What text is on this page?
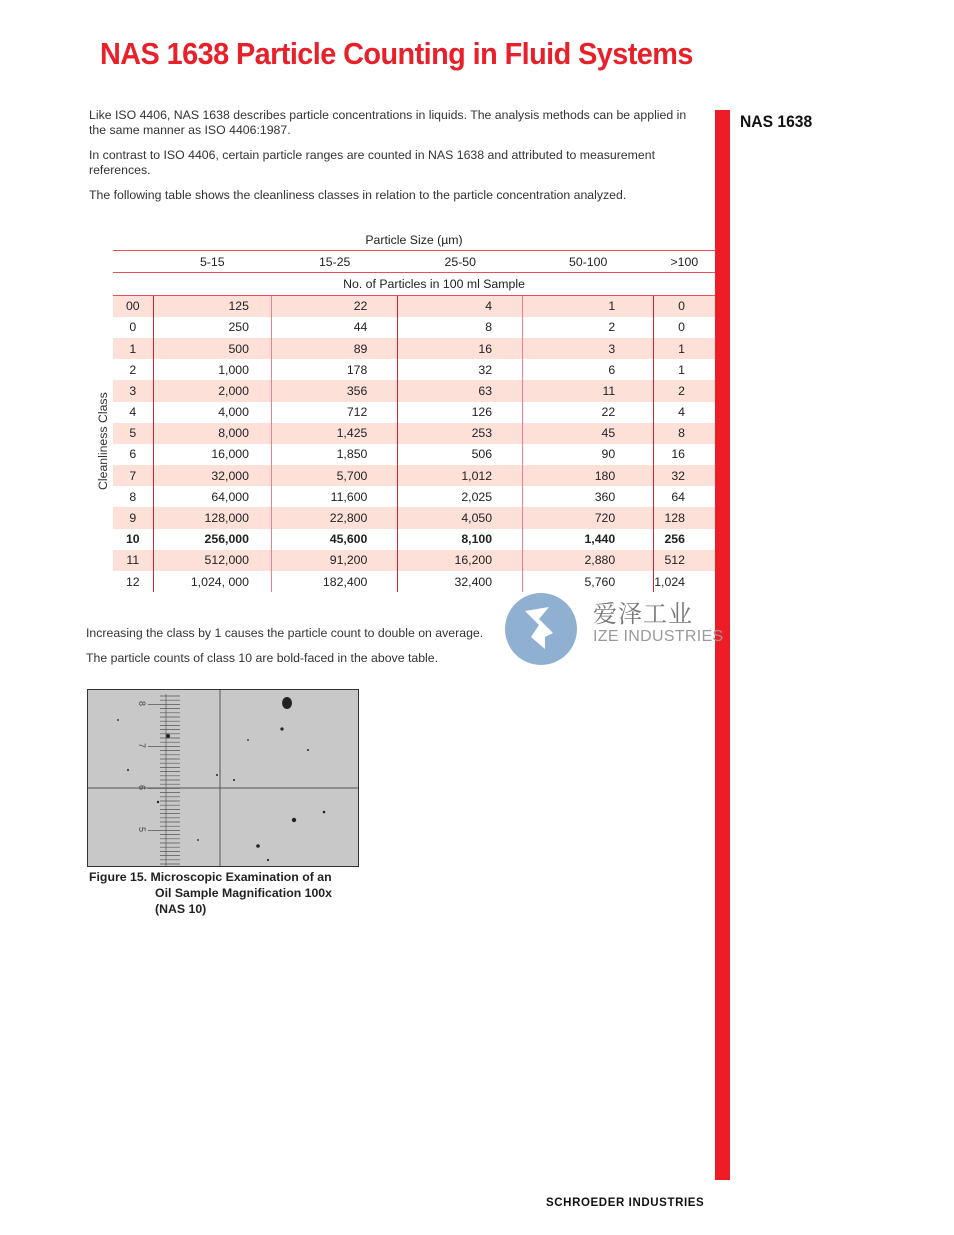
NAS 1638 Particle Counting in Fluid Systems
NAS 1638

Like ISO 4406, NAS 1638 describes particle concentrations in liquids. The analysis methods can be applied in the same manner as ISO 4406:1987.

In contrast to ISO 4406, certain particle ranges are counted in NAS 1638 and attributed to measurement references.

The following table shows the cleanliness classes in relation to the particle concentration analyzed.

Cleanliness Class
Particle Size (µm)					
	5-15	15-25	25-50	50-100	>100
	No. of Particles in 100 ml Sample				
00	125	22	4	1	0
0	250	44	8	2	0
1	500	89	16	3	1
2	1,000	178	32	6	1
3	2,000	356	63	11	2
4	4,000	712	126	22	4
5	8,000	1,425	253	45	8
6	16,000	1,850	506	90	16
7	32,000	5,700	1,012	180	32
8	64,000	11,600	2,025	360	64
9	128,000	22,800	4,050	720	128
10	256,000	45,600	8,100	1,440	256
11	512,000	91,200	16,200	2,880	512
12	1,024, 000	182,400	32,400	5,760	1,024
Increasing the class by 1 causes the particle count to double on average.
The particle counts of class 10 are bold-faced in the above table.
爱泽工业
IZE INDUSTRIES
8
7
6
5
Figure 15. Microscopic Examination of an
Oil Sample Magnification 100x
(NAS 10)
SCHROEDER INDUSTRIES
